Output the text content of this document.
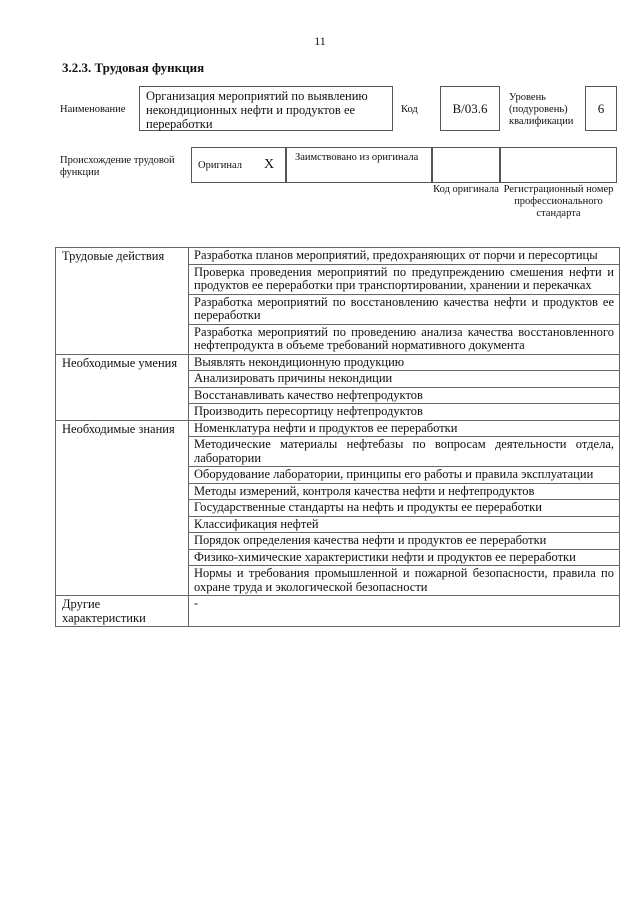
11
3.2.3. Трудовая функция
Наименование
Организация мероприятий по выявлению некондиционных нефти и продуктов ее переработки
Код	В/03.6
Уровень (подуровень) квалификации
6
Происхождение трудовой функции
Оригинал X	Заимствовано из оригинала
Код оригинала Регистрационный номер профессионального стандарта
Трудовые действия	Разработка планов мероприятий, предохраняющих от порчи и пересортицы
	Проверка проведения мероприятий по предупреждению смешения нефти и продуктов ее переработки при транспортировании, хранении и перекачках
	Разработка мероприятий по восстановлению качества нефти и продуктов ее переработки
	Разработка мероприятий по проведению анализа качества восстановленного нефтепродукта в объеме требований нормативного документа
Необходимые умения	Выявлять некондиционную продукцию
	Анализировать причины некондиции
	Восстанавливать качество нефтепродуктов
	Производить пересортицу нефтепродуктов
Необходимые знания	Номенклатура нефти и продуктов ее переработки
	Методические материалы нефтебазы по вопросам деятельности отдела, лаборатории
	Оборудование лаборатории, принципы его работы и правила эксплуатации
	Методы измерений, контроля качества нефти и нефтепродуктов
	Государственные стандарты на нефть и продукты ее переработки
	Классификация нефтей
	Порядок определения качества нефти и продуктов ее переработки
	Физико-химические характеристики нефти и продуктов ее переработки
	Нормы и требования промышленной и пожарной безопасности, правила по охране труда и экологической безопасности
Другие характеристики	-
